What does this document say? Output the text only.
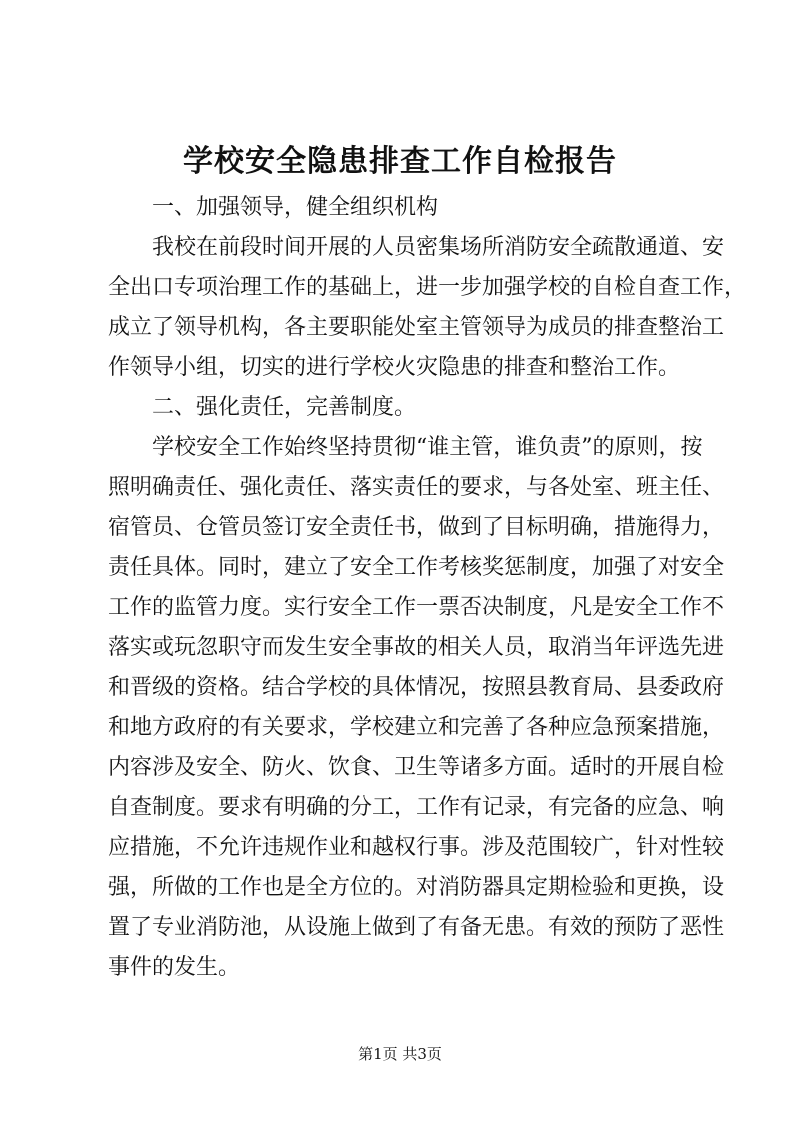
学校安全隐患排查工作自检报告
一、加强领导，健全组织机构
我校在前段时间开展的人员密集场所消防安全疏散通道、安
全出口专项治理工作的基础上，进一步加强学校的自检自查工作，
成立了领导机构，各主要职能处室主管领导为成员的排查整治工
作领导小组，切实的进行学校火灾隐患的排查和整治工作。
二、强化责任，完善制度。
学校安全工作始终坚持贯彻“谁主管，谁负责”的原则，按
照明确责任、强化责任、落实责任的要求，与各处室、班主任、
宿管员、仓管员签订安全责任书，做到了目标明确，措施得力，
责任具体。同时，建立了安全工作考核奖惩制度，加强了对安全
工作的监管力度。实行安全工作一票否决制度，凡是安全工作不
落实或玩忽职守而发生安全事故的相关人员，取消当年评选先进
和晋级的资格。结合学校的具体情况，按照县教育局、县委政府
和地方政府的有关要求，学校建立和完善了各种应急预案措施，
内容涉及安全、防火、饮食、卫生等诸多方面。适时的开展自检
自查制度。要求有明确的分工，工作有记录，有完备的应急、响
应措施，不允许违规作业和越权行事。涉及范围较广，针对性较
强，所做的工作也是全方位的。对消防器具定期检验和更换，设
置了专业消防池，从设施上做到了有备无患。有效的预防了恶性
事件的发生。
第1页 共3页
